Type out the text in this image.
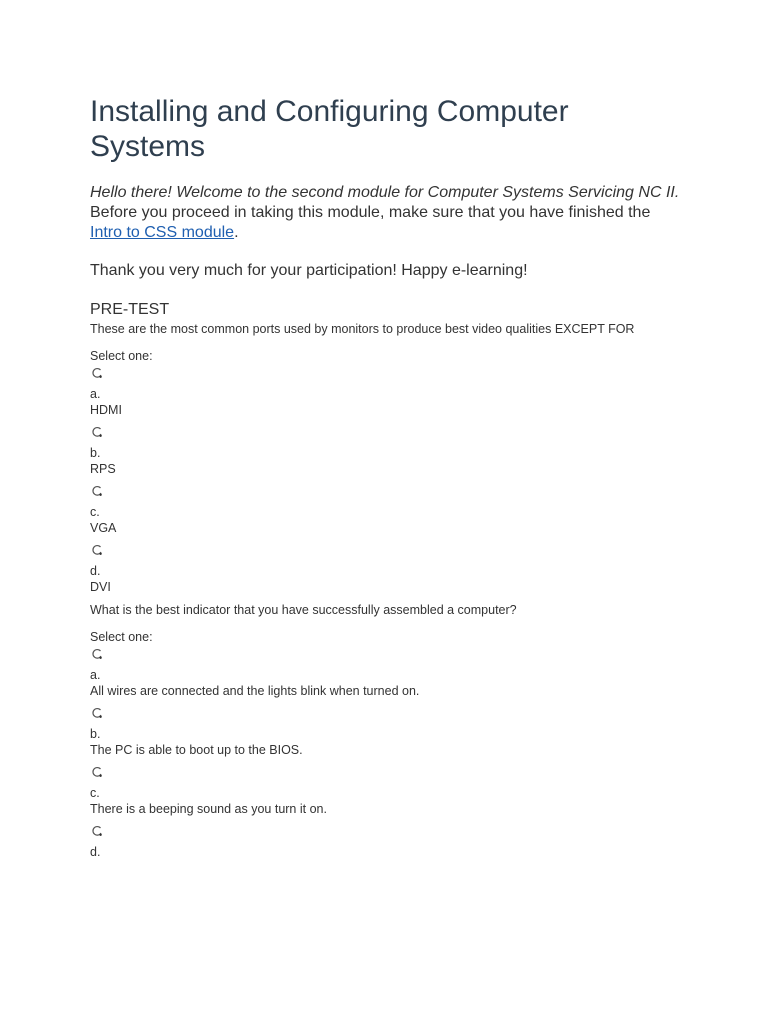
Installing and Configuring Computer Systems

Hello there! Welcome to the second module for Computer Systems Servicing NC II.

Before you proceed in taking this module, make sure that you have finished the Intro to CSS module.

Thank you very much for your participation! Happy e-learning!

PRE-TEST

These are the most common ports used by monitors to produce best video qualities EXCEPT FOR

Select one:

a.
HDMI
b.
RPS
c.
VGA
d.
DVI

What is the best indicator that you have successfully assembled a computer?

Select one:

a.
All wires are connected and the lights blink when turned on.
b.
The PC is able to boot up to the BIOS.
c.
There is a beeping sound as you turn it on.
d.
